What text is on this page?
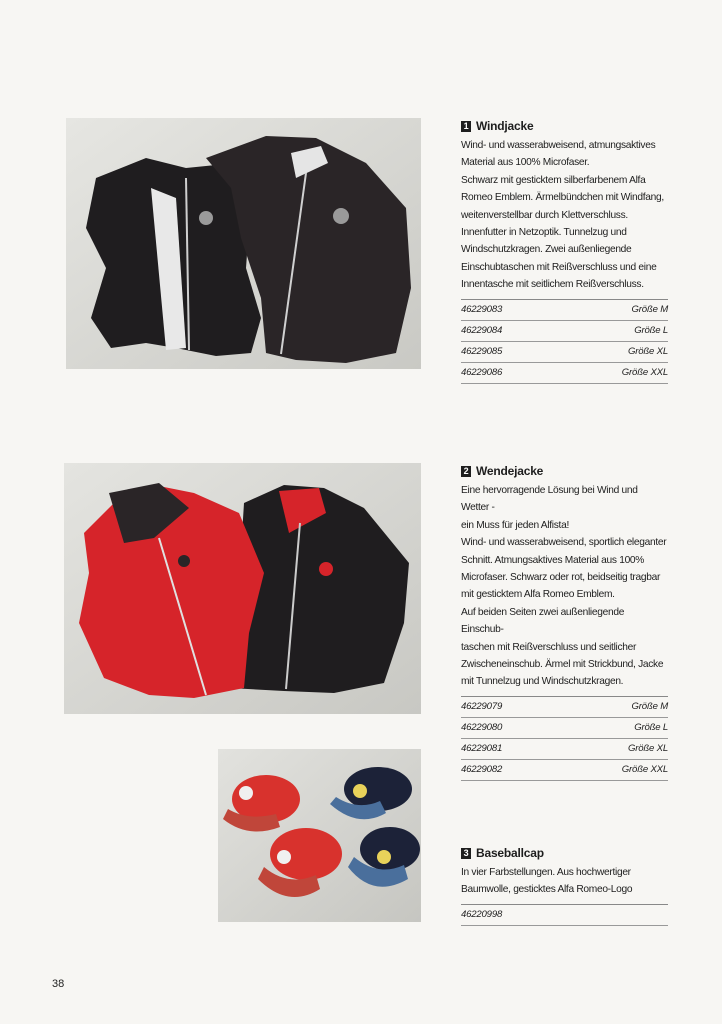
1 Windjacke

Wind- und wasserabweisend, atmungsaktives

Material aus 100% Microfaser.

Schwarz mit gesticktem silberfarbenem Alfa

Romeo Emblem. Ärmelbündchen mit Windfang,

weitenverstellbar durch Klettverschluss.

Innenfutter in Netzoptik. Tunnelzug und

Windschutzkragen. Zwei außenliegende

Einschubtaschen mit Reißverschluss und eine

Innentasche mit seitlichem Reißverschluss.

46229083	Größe M
46229084	Größe L
46229085	Größe XL
46229086	Größe XXL
2 Wendejacke

Eine hervorragende Lösung bei Wind und Wetter -

ein Muss für jeden Alfista!

Wind- und wasserabweisend, sportlich eleganter

Schnitt. Atmungsaktives Material aus 100%

Microfaser. Schwarz oder rot, beidseitig tragbar

mit gesticktem Alfa Romeo Emblem.

Auf beiden Seiten zwei außenliegende Einschub-

taschen mit Reißverschluss und seitlicher

Zwischeneinschub. Ärmel mit Strickbund, Jacke

mit Tunnelzug und Windschutzkragen.

46229079	Größe M
46229080	Größe L
46229081	Größe XL
46229082	Größe XXL
3 Baseballcap

In vier Farbstellungen. Aus hochwertiger

Baumwolle, gesticktes Alfa Romeo-Logo

46220998
38
